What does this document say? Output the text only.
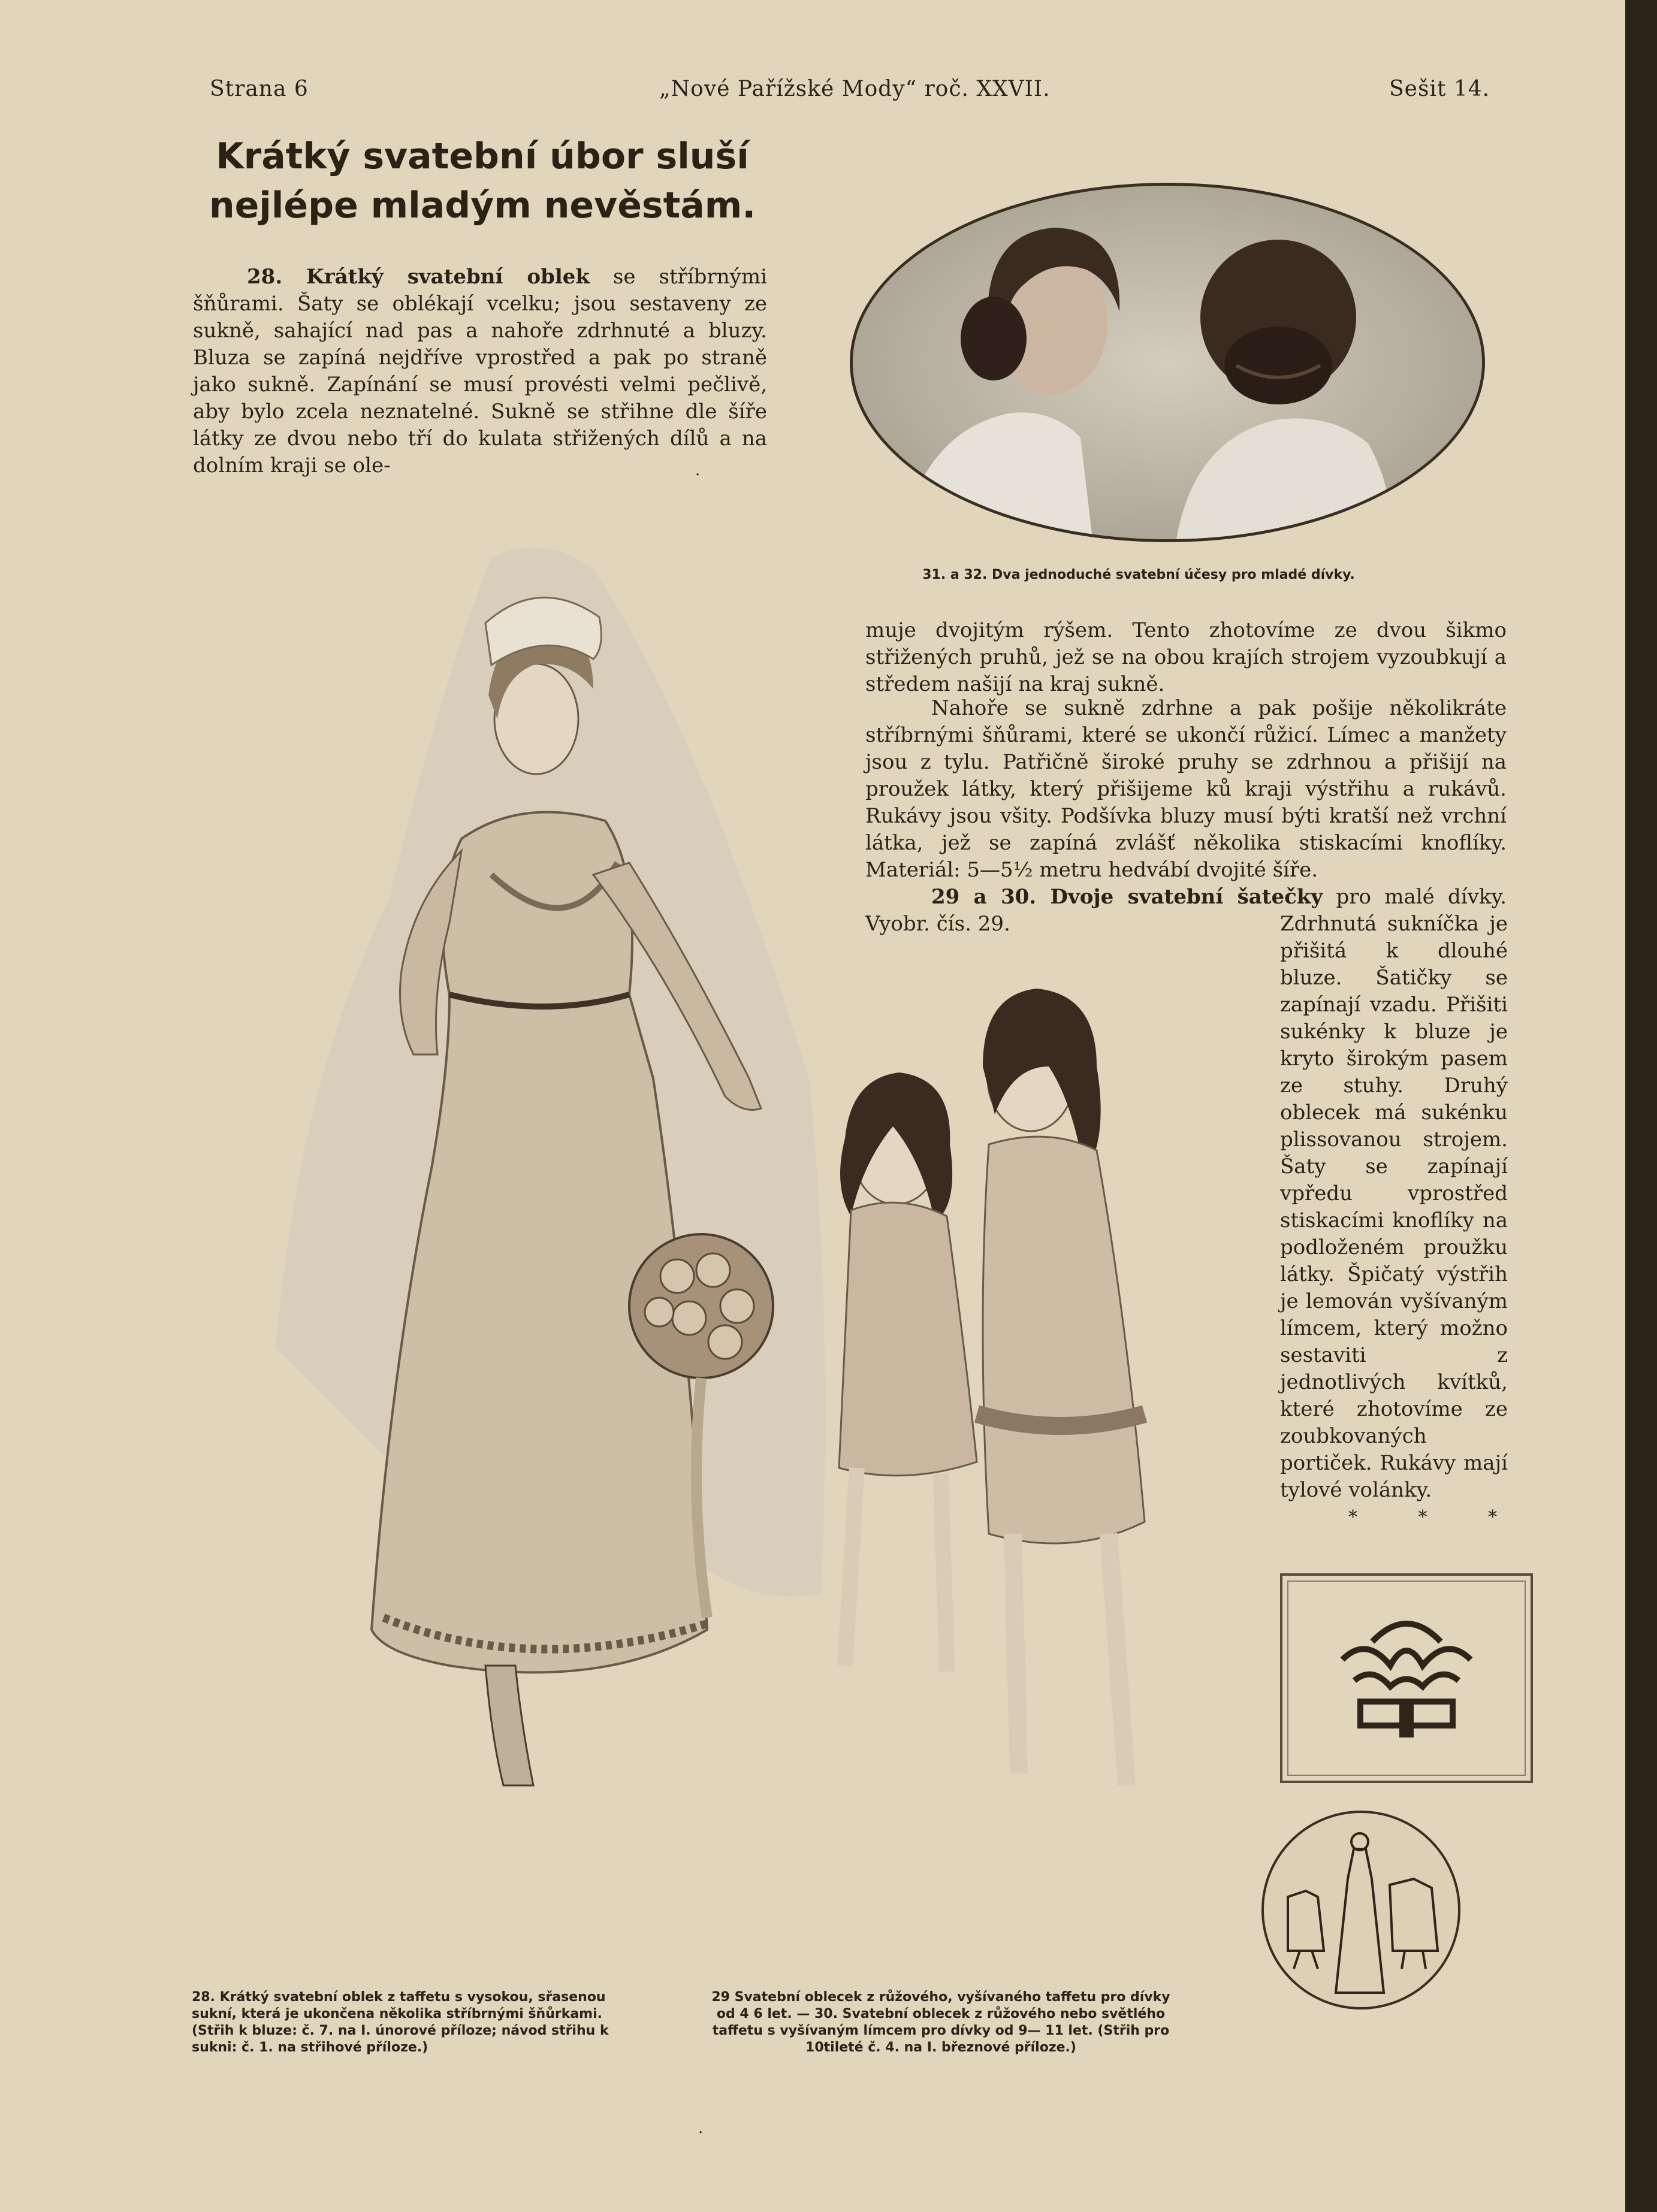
Strana 6	„Nové Pařížské Mody“ roč. XXVII.	Sešit 14.
Krátký svatební úbor sluší nejlépe mladým nevěstám.
28. Krátký svatební oblek se stříbrnými šňůrami. Šaty se oblékají vcelku; jsou sestaveny ze sukně, sahající nad pas a nahoře zdrhnuté a bluzy. Bluza se zapíná nejdříve vprostřed a pak po straně jako sukně. Zapínání se musí provésti velmi pečlivě, aby bylo zcela neznatelné. Sukně se střihne dle šíře látky ze dvou nebo tří do kulata střižených dílů a na dolním kraji se ole-
31. a 32. Dva jednoduché svatební účesy pro mladé dívky.
muje dvojitým rýšem. Tento zhotovíme ze dvou šikmo střižených pruhů, jež se na obou krajích strojem vyzoubkují a středem našijí na kraj sukně.
Nahoře se sukně zdrhne a pak pošije několikráte stříbrnými šňůrami, které se ukončí růžicí. Límec a manžety jsou z tylu. Patřičně široké pruhy se zdrhnou a přišijí na proužek látky, který přišijeme ků kraji výstřihu a rukávů. Rukávy jsou všity. Podšívka bluzy musí býti kratší než vrchní látka, jež se zapíná zvlášť několika stiskacími knoflíky. Materiál: 5—5½ metru hedvábí dvojité šíře.
29 a 30. Dvoje svatební šatečky pro malé dívky. Vyobr. čís. 29.	Zdrhnutá sukníčka je přišitá k dlouhé bluze. Šatičky se zapínají vzadu. Přišiti sukénky k bluze je kryto širokým pasem ze stuhy. Druhý oblecek má sukénku plissovanou strojem. Šaty se zapínají vpředu vprostřed stiskacími knoflíky na podloženém proužku látky. Špičatý výstřih je lemován vyšívaným límcem, který možno sestaviti z jednotlivých kvítků, které zhotovíme ze zoubkovaných portiček. Rukávy mají tylové volánky.
* * *
28. Krátký svatební oblek z taffetu s vysokou, sřasenou sukní, která je ukončena několika stříbrnými šňůrkami. (Střih k bluze: č. 7. na I. únorové příloze; návod střihu k sukni: č. 1. na střihové příloze.)
29 Svatební oblecek z růžového, vyšívaného taffetu pro dívky od 4 6 let. — 30. Svatební oblecek z růžového nebo světlého taffetu s vyšívaným límcem pro dívky od 9— 11 let. (Střih pro 10tileté č. 4. na I. březnové příloze.)
·
·
